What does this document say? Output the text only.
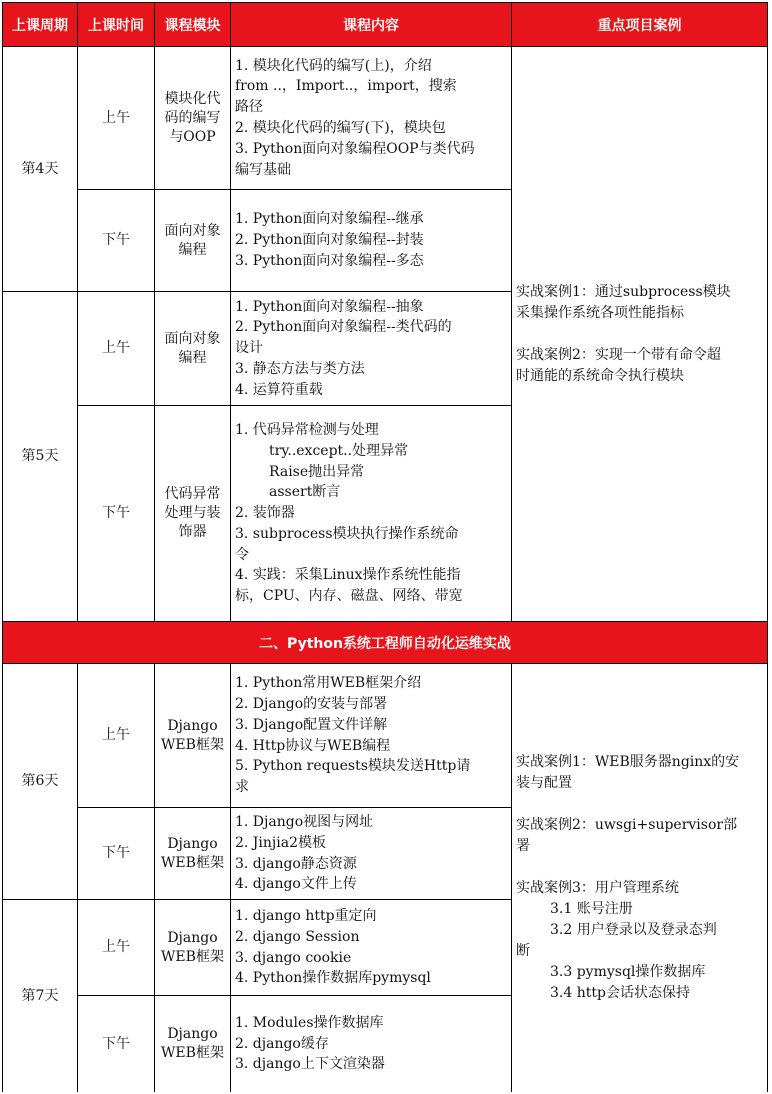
上课周期 上课时间 课程模块	课程内容	重点项目案例
第4天
上午
模块化代
码的编写
与OOP
1. 模块化代码的编写(上)，介绍
from ..，Import..，import，搜索
路径
2. 模块化代码的编写(下)，模块包
3. Python面向对象编程OOP与类代码
编写基础
下午
面向对象
编程
1. Python面向对象编程--继承
2. Python面向对象编程--封装
3. Python面向对象编程--多态
实战案例1：通过subprocess模块
采集操作系统各项性能指标
实战案例2：实现一个带有命令超
时通能的系统命令执行模块
第5天
上午
面向对象
编程
1. Python面向对象编程--抽象
2. Python面向对象编程--类代码的
设计
3. 静态方法与类方法
4. 运算符重载
下午
代码异常
处理与装
饰器
1. 代码异常检测与处理
try..except..处理异常
Raise抛出异常
assert断言
2. 装饰器
3. subprocess模块执行操作系统命
令
4. 实践：采集Linux操作系统性能指
标，CPU、内存、磁盘、网络、带宽
二、Python系统工程师自动化运维实战
第6天
上午
Django
WEB框架
1. Python常用WEB框架介绍
2. Django的安装与部署
3. Django配置文件详解
4. Http协议与WEB编程
5. Python requests模块发送Http请
求
下午
Django
WEB框架
1. Django视图与网址
2. Jinjia2模板
3. django静态资源
4. django文件上传
实战案例1：WEB服务器nginx的安
装与配置
实战案例2：uwsgi+supervisor部
署
实战案例3：用户管理系统
3.1 账号注册
3.2 用户登录以及登录态判
断
3.3 pymysql操作数据库
3.4 http会话状态保持
第7天
上午
Django
WEB框架
1. django http重定向
2. django Session
3. django cookie
4. Python操作数据库pymysql
下午
Django
WEB框架
1. Modules操作数据库
2. django缓存
3. django上下文渲染器
